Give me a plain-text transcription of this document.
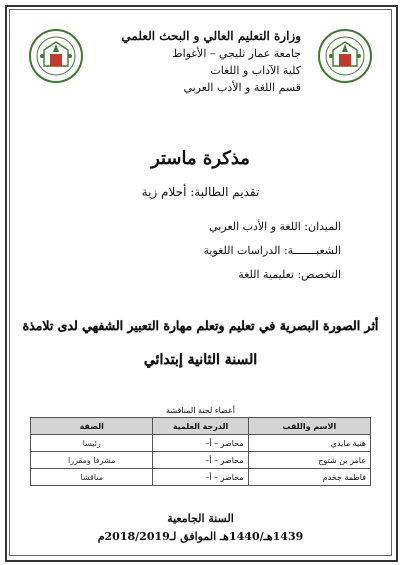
وزارة التعليم العالي و البحث العلمي
جامعة عمار ثليجي – الأغواط
كلية الآداب و اللغات
قسم اللغة و الأدب العربي
مذكرة ماستر
تقديم الطالبة: أحلام زية
الميدان: اللغة و الأدب العربي
الشعبـــــــة: الدراسات اللغوية
التخصص: تعليمية اللغة
أثر الصورة البصرية في تعليم وتعلم مهارة التعبير الشفهي لدى تلامذة
السنة الثانية إبتدائي
أعضاء لجنة المناقشة
الاسم واللقب	الدرجة العلمية	الصفة
هنية مايدي	محاضر – أ–	رئيسا
عامر بن شتوح	محاضر – أ–	مشرفا ومقررا
فاطمة جخدم	محاضر – أ–	مناقشا
السنة الجامعية
1439هـ/1440هـ الموافق لـ2018/2019م
